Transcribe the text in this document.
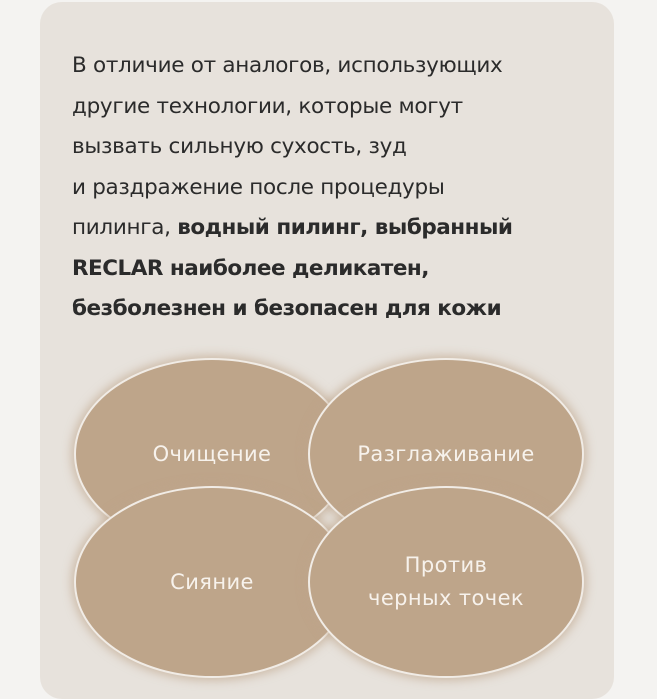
В отличие от аналогов, использующих
другие технологии, которые могут
вызвать сильную сухость, зуд
и раздражение после процедуры
пилинга, водный пилинг, выбранный
RECLAR наиболее деликатен,
безболезнен и безопасен для кожи

Очищение	Разглаживание
Сияние
Против
черных точек
